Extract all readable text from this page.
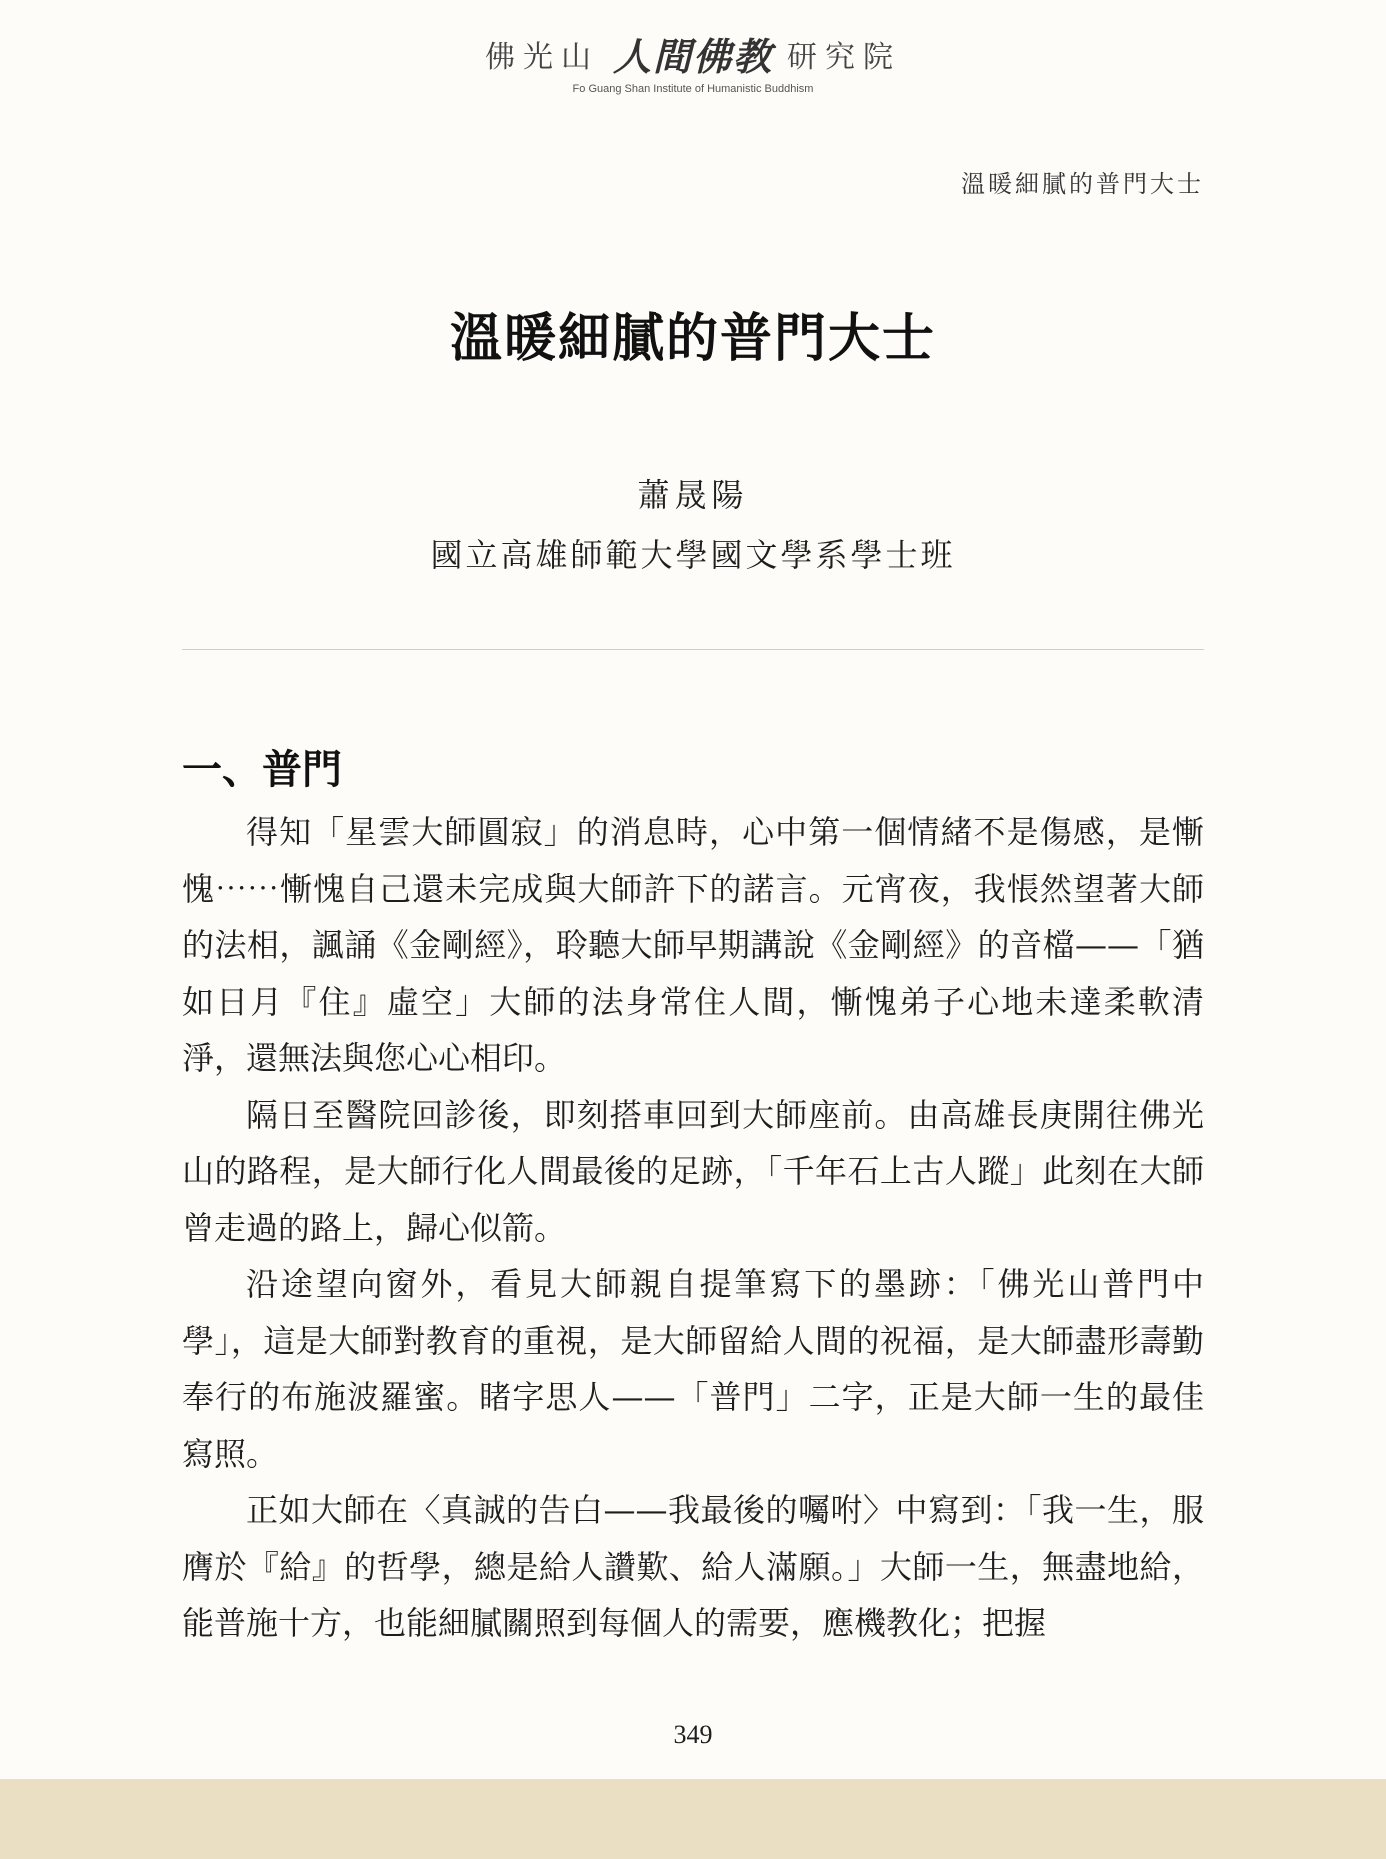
佛光山 人間佛教 研究院
Fo Guang Shan Institute of Humanistic Buddhism
溫暖細膩的普門大士
溫暖細膩的普門大士
蕭晟陽
國立高雄師範大學國文學系學士班
一、普門

得知「星雲大師圓寂」的消息時，心中第一個情緒不是傷感，是慚愧⋯⋯慚愧自己還未完成與大師許下的諾言。元宵夜，我悵然望著大師的法相，諷誦《金剛經》，聆聽大師早期講說《金剛經》的音檔——「猶如日月『住』虛空」大師的法身常住人間，慚愧弟子心地未達柔軟清淨，還無法與您心心相印。

隔日至醫院回診後，即刻搭車回到大師座前。由高雄長庚開往佛光山的路程，是大師行化人間最後的足跡，「千年石上古人蹤」此刻在大師曾走過的路上，歸心似箭。

沿途望向窗外，看見大師親自提筆寫下的墨跡：「佛光山普門中學」，這是大師對教育的重視，是大師留給人間的祝福，是大師盡形壽勤奉行的布施波羅蜜。睹字思人——「普門」二字，正是大師一生的最佳寫照。

正如大師在〈真誠的告白——我最後的囑咐〉中寫到：「我一生，服膺於『給』的哲學，總是給人讚歎、給人滿願。」大師一生，無盡地給，能普施十方，也能細膩關照到每個人的需要，應機教化；把握

349
